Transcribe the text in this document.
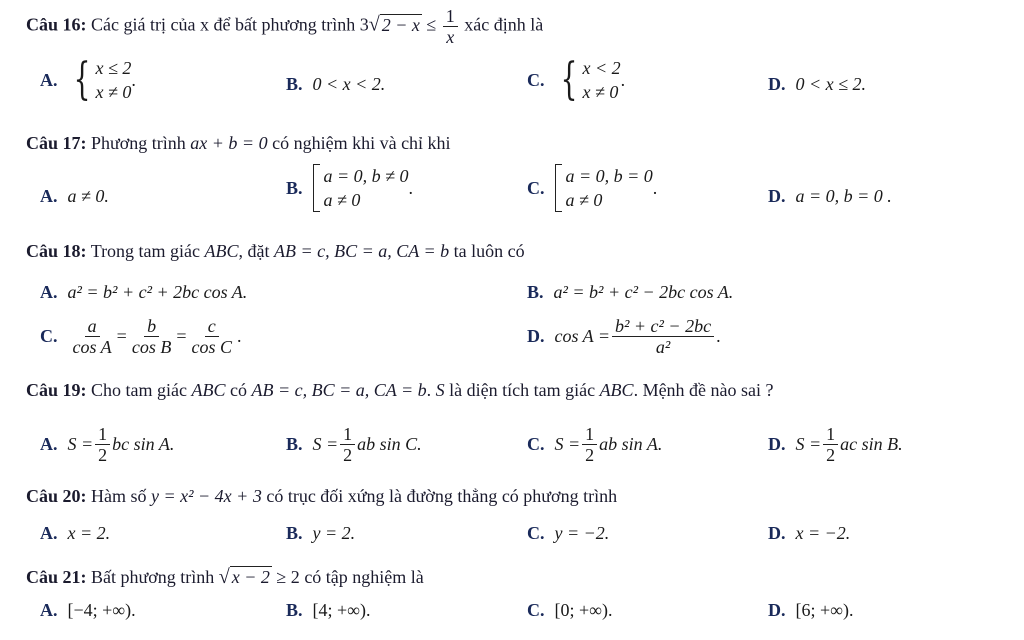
Câu 16: Các giá trị của x để bất phương trình 3√ $2 - x \le \frac{1}{x}$ xác định là
A. { x ≤ 2
x ≠ 0
.	B. 0 < x < 2.	C. { x < 2
x ≠ 0
.	D. 0 < x ≤ 2.
Câu 17: Phương trình ax + b = 0 có nghiệm khi và chỉ khi
A. a ≠ 0.	B.
a = 0, b ≠ 0
a ≠ 0
.	C.
a = 0, b = 0
a ≠ 0
.	D. a = 0, b = 0 .
Câu 18: Trong tam giác ABC, đặt AB = c, BC = a, CA = b ta luôn có
A. a² = b² + c² + 2bc cos A.	B. a² = b² + c² − 2bc cos A.
C. $\frac{a}{\text{cos A}} = \frac{b}{\text{cos B}} = \frac{c}{\text{cos C}}$ .	D. $\cos A = \frac{\text{b² + c² − 2bc}}{\text{a²}}$ .
Câu 19: Cho tam giác ABC có AB = c, BC = a, CA = b. S là diện tích tam giác ABC. Mệnh đề nào sai ?
A. $S = \frac{1}{2}$ bc sin A.	B. $S = \frac{1}{2}$ ab sin C.	C. $S = \frac{1}{2}$ ab sin A.	D. $S = \frac{1}{2}$ ac sin B.
Câu 20: Hàm số y = x² − 4x + 3 có trục đối xứng là đường thẳng có phương trình
A. x = 2.	B. y = 2.	C. y = −2.	D. x = −2.
Câu 21: Bất phương trình √ x − 2 ≥ 2 có tập nghiệm là
A. [−4; +∞).	B. [4; +∞).	C. [0; +∞).	D. [6; +∞).
